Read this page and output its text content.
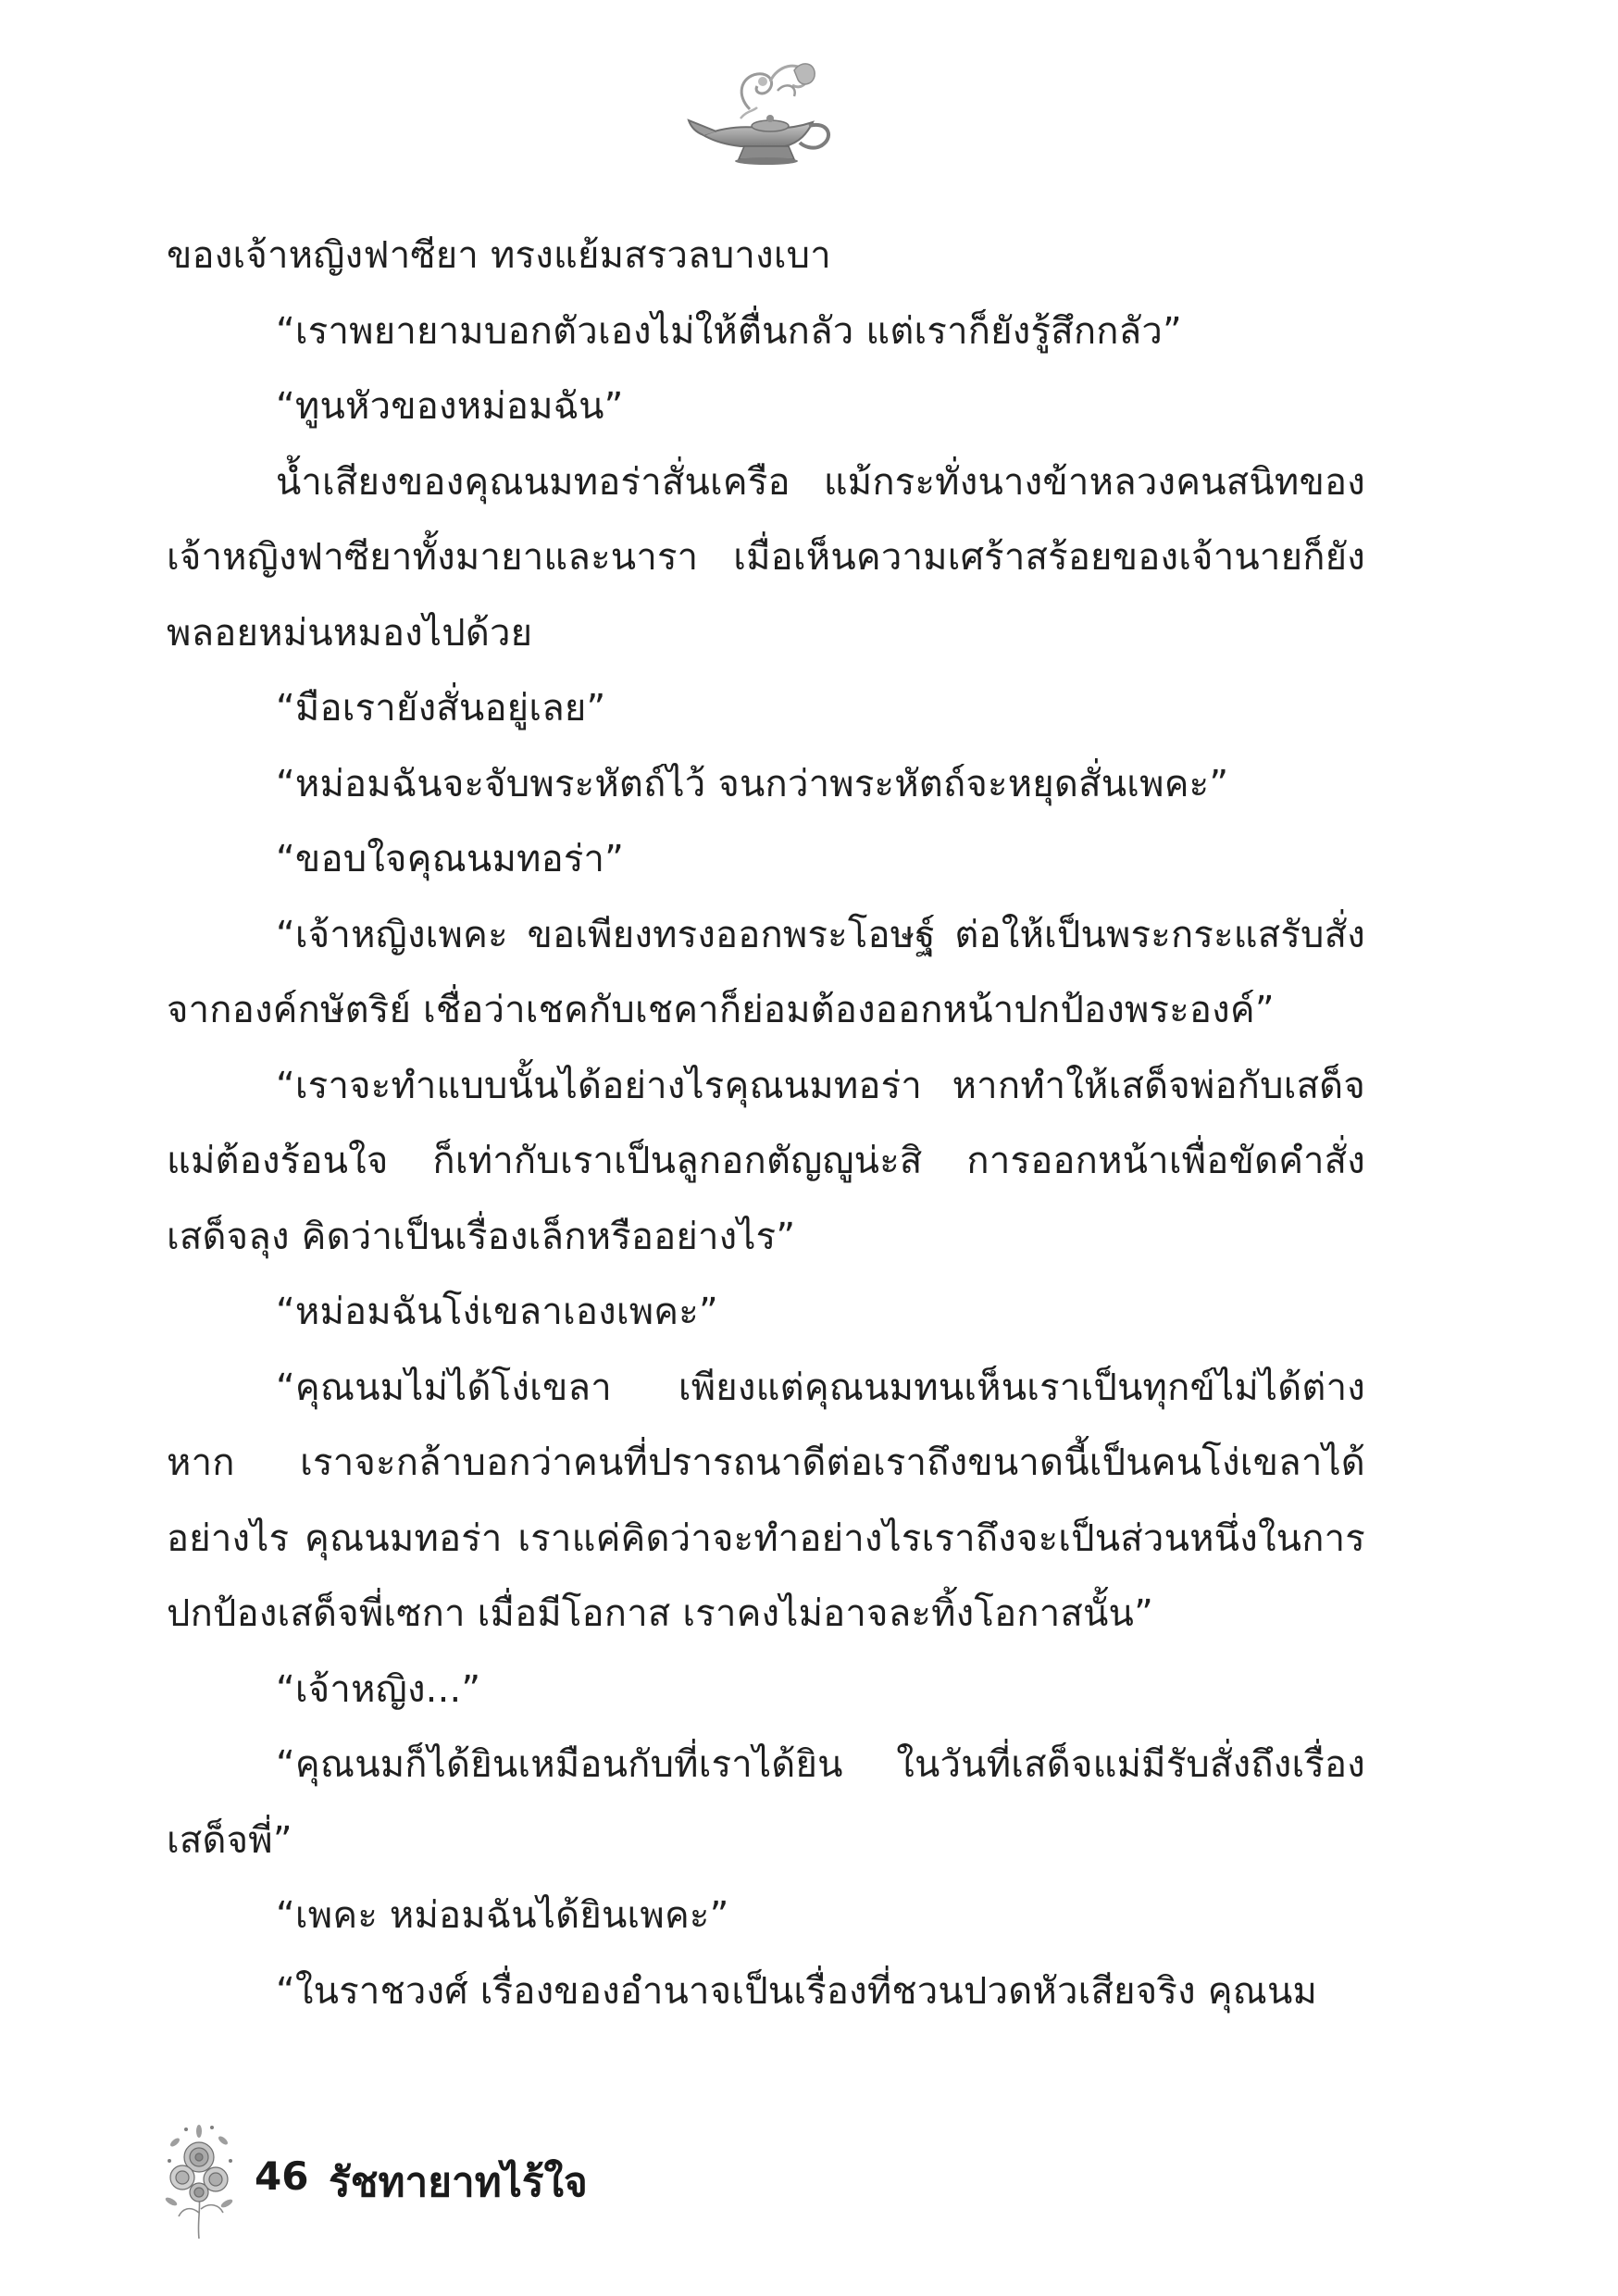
ของเจ้าหญิงฟาซียา ทรงแย้มสรวลบางเบา

“เราพยายามบอกตัวเองไม่ให้ตื่นกลัว แต่เราก็ยังรู้สึกกลัว”

“ทูนหัวของหม่อมฉัน”

น้ำเสียงของคุณนมทอร่าสั่นเครือ แม้กระทั่งนางข้าหลวงคนสนิทของเจ้าหญิงฟาซียาทั้งมายาและนารา เมื่อเห็นความเศร้าสร้อยของเจ้านายก็ยังพลอยหม่นหมองไปด้วย

“มือเรายังสั่นอยู่เลย”

“หม่อมฉันจะจับพระหัตถ์ไว้ จนกว่าพระหัตถ์จะหยุดสั่นเพคะ”

“ขอบใจคุณนมทอร่า”

“เจ้าหญิงเพคะ ขอเพียงทรงออกพระโอษฐ์ ต่อให้เป็นพระกระแสรับสั่งจากองค์กษัตริย์ เชื่อว่าเชคกับเชคาก็ย่อมต้องออกหน้าปกป้องพระองค์”

“เราจะทำแบบนั้นได้อย่างไรคุณนมทอร่า หากทำให้เสด็จพ่อกับเสด็จแม่ต้องร้อนใจ ก็เท่ากับเราเป็นลูกอกตัญญูน่ะสิ การออกหน้าเพื่อขัดคำสั่งเสด็จลุง คิดว่าเป็นเรื่องเล็กหรืออย่างไร”

“หม่อมฉันโง่เขลาเองเพคะ”

“คุณนมไม่ได้โง่เขลา เพียงแต่คุณนมทนเห็นเราเป็นทุกข์ไม่ได้ต่างหาก เราจะกล้าบอกว่าคนที่ปรารถนาดีต่อเราถึงขนาดนี้เป็นคนโง่เขลาได้อย่างไร คุณนมทอร่า เราแค่คิดว่าจะทำอย่างไรเราถึงจะเป็นส่วนหนึ่งในการปกป้องเสด็จพี่เซกา เมื่อมีโอกาส เราคงไม่อาจละทิ้งโอกาสนั้น”

“เจ้าหญิง...”

“คุณนมก็ได้ยินเหมือนกับที่เราได้ยิน ในวันที่เสด็จแม่มีรับสั่งถึงเรื่องเสด็จพี่”

“เพคะ หม่อมฉันได้ยินเพคะ”

“ในราชวงศ์ เรื่องของอำนาจเป็นเรื่องที่ชวนปวดหัวเสียจริง คุณนม

46 รัชทายาทไร้ใจ
